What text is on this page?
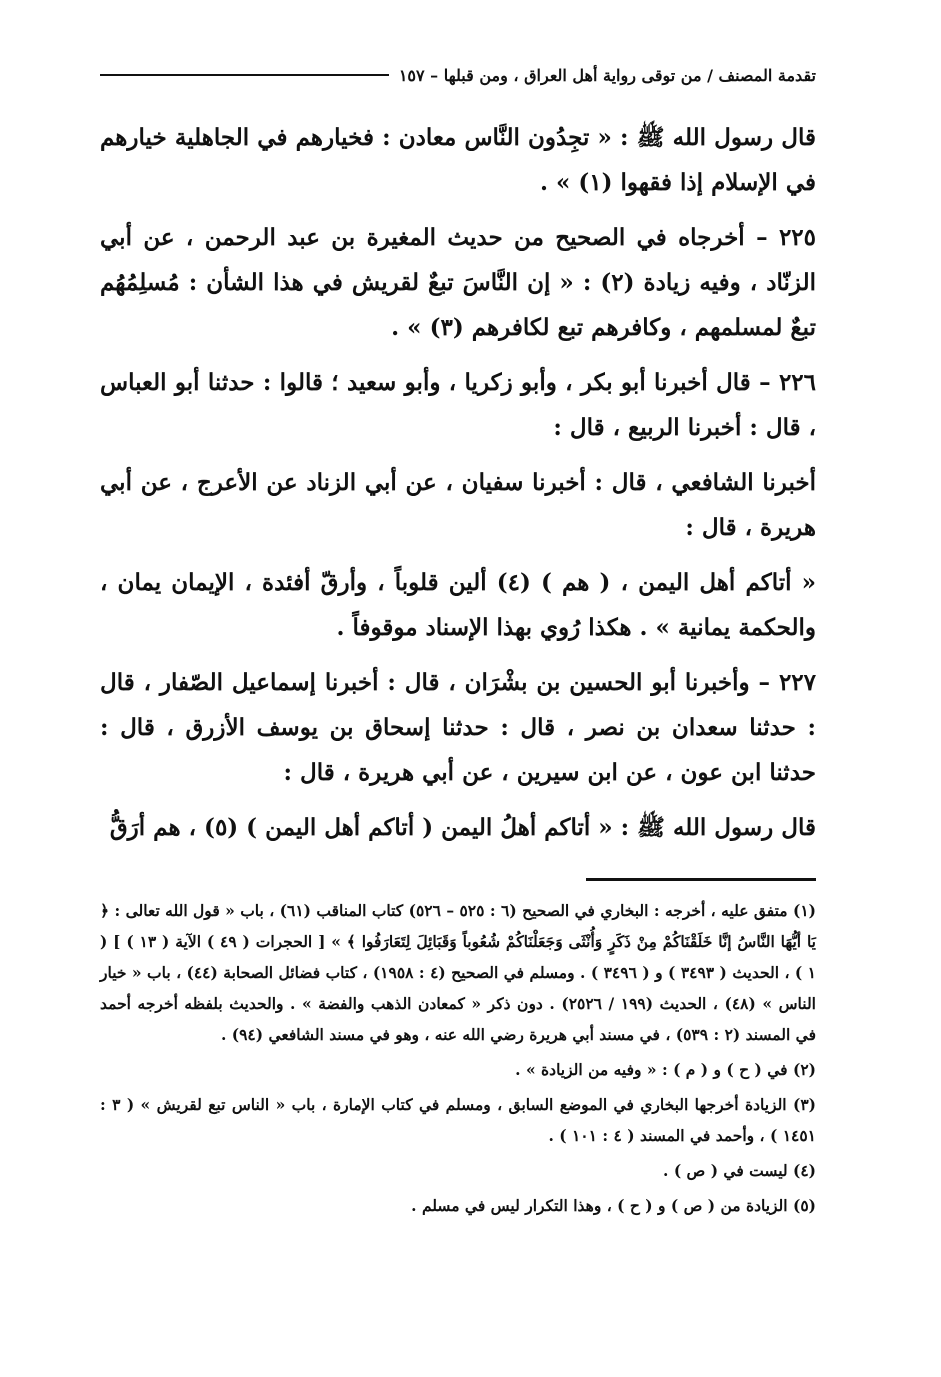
تقدمة المصنف / من توقى رواية أهل العراق ، ومن قبلها – ١٥٧

قال رسول الله ﷺ : « تجِدُون النَّاس معادن : فخيارهم في الجاهلية خيارهم في الإسلام إذا فقهوا (١) » .

٢٢٥ – أخرجاه في الصحيح من حديث المغيرة بن عبد الرحمن ، عن أبي الزنّاد ، وفيه زيادة (٢) : « إن النَّاسَ تبعٌ لقريش في هذا الشأن : مُسلِمُهُم تبعٌ لمسلمهم ، وكافرهم تبع لكافرهم (٣) » .

٢٢٦ – قال أخبرنا أبو بكر ، وأبو زكريا ، وأبو سعيد ؛ قالوا : حدثنا أبو العباس ، قال : أخبرنا الربيع ، قال :

أخبرنا الشافعي ، قال : أخبرنا سفيان ، عن أبي الزناد عن الأعرج ، عن أبي هريرة ، قال :

« أتاكم أهل اليمن ، ( هم ) (٤) ألين قلوباً ، وأرقّ أفئدة ، الإيمان يمان ، والحكمة يمانية » . هكذا رُوي بهذا الإسناد موقوفاً .

٢٢٧ – وأخبرنا أبو الحسين بن بشْرَان ، قال : أخبرنا إسماعيل الصّفار ، قال : حدثنا سعدان بن نصر ، قال : حدثنا إسحاق بن يوسف الأزرق ، قال : حدثنا ابن عون ، عن ابن سيرين ، عن أبي هريرة ، قال :

قال رسول الله ﷺ : « أتاكم أهلُ اليمن ( أتاكم أهل اليمن ) (٥) ، هم أرَقُّ

(١) متفق عليه ، أخرجه : البخاري في الصحيح (٦ : ٥٢٥ – ٥٢٦) كتاب المناقب (٦١) ، باب « قول الله تعالى : ﴿ يَا أيُّهَا النَّاسُ إنَّا خَلَقْنَاكُمْ مِنْ ذَكَرٍ وَأُنْثَى وَجَعَلْنَاكُمْ شُعُوباً وَقَبَائِلَ لِتَعَارَفُوا ﴾ » [ الحجرات ( ٤٩ ) الآية ( ١٣ ) ] ( ١ ) ، الحديث ( ٣٤٩٣ ) و ( ٣٤٩٦ ) . ومسلم في الصحيح (٤ : ١٩٥٨) ، كتاب فضائل الصحابة (٤٤) ، باب « خيار الناس » (٤٨) ، الحديث (١٩٩ / ٢٥٢٦) . دون ذكر « كمعادن الذهب والفضة » . والحديث بلفظه أخرجه أحمد في المسند (٢ : ٥٣٩) ، في مسند أبي هريرة رضي الله عنه ، وهو في مسند الشافعي (٩٤) .

(٢) في ( ح ) و ( م ) : « وفيه من الزيادة » .

(٣) الزيادة أخرجها البخاري في الموضع السابق ، ومسلم في كتاب الإمارة ، باب « الناس تبع لقريش » ( ٣ : ١٤٥١ ) ، وأحمد في المسند ( ٤ : ١٠١ ) .

(٤) ليست في ( ص ) .

(٥) الزيادة من ( ص ) و ( ح ) ، وهذا التكرار ليس في مسلم .
